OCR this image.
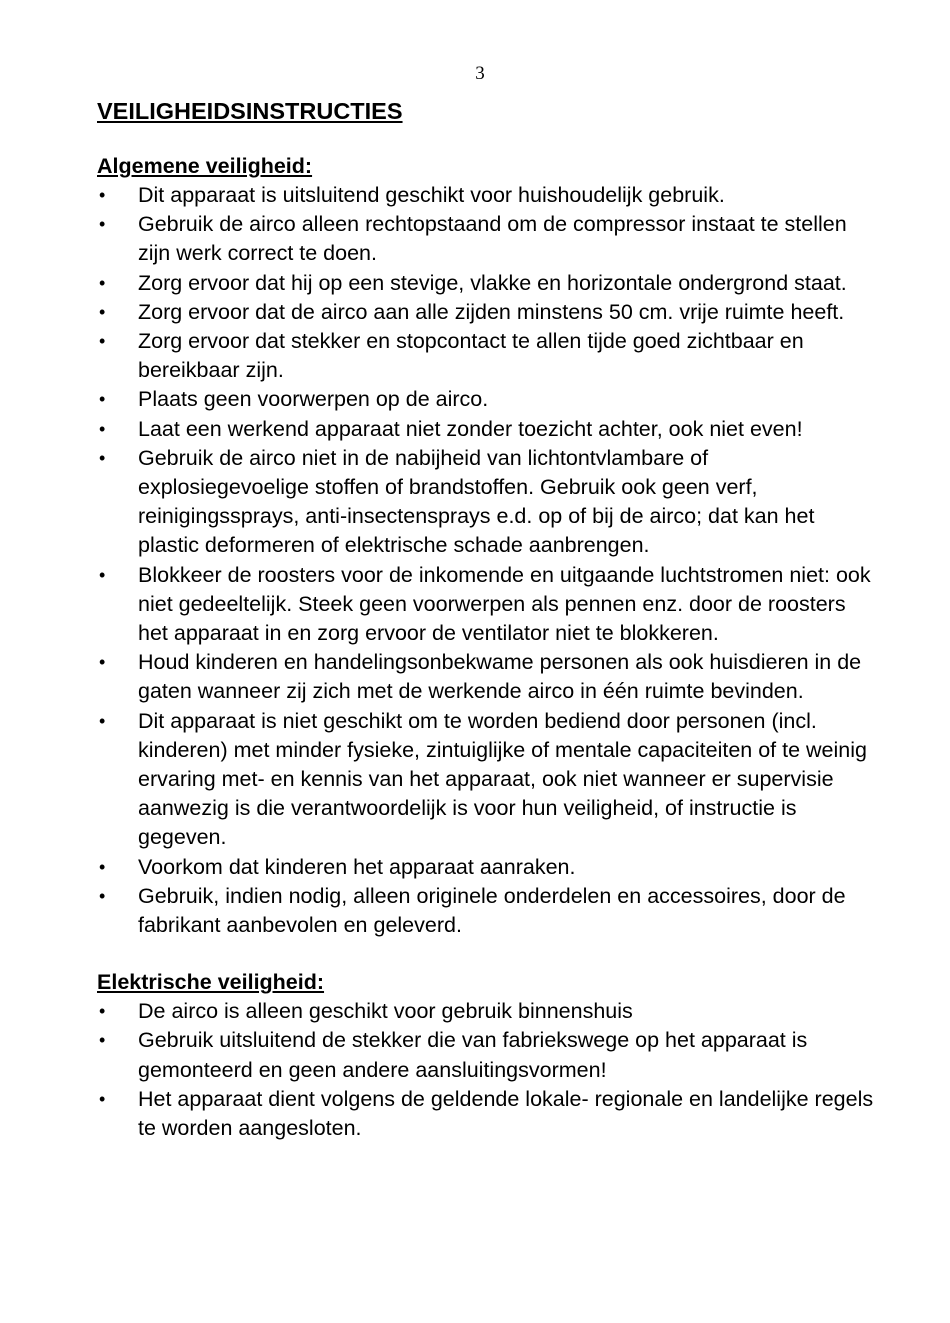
3
VEILIGHEIDSINSTRUCTIES
Algemene veiligheid:
• Dit apparaat is uitsluitend geschikt voor huishoudelijk gebruik.
• Gebruik de airco alleen rechtopstaand om de compressor instaat te stellen zijn werk correct te doen.
• Zorg ervoor dat hij op een stevige, vlakke en horizontale ondergrond staat.
• Zorg ervoor dat de airco aan alle zijden minstens 50 cm. vrije ruimte heeft.
• Zorg ervoor dat stekker en stopcontact te allen tijde goed zichtbaar en bereikbaar zijn.
• Plaats geen voorwerpen op de airco.
• Laat een werkend apparaat niet zonder toezicht achter, ook niet even!
• Gebruik de airco niet in de nabijheid van lichtontvlambare of explosiegevoelige stoffen of brandstoffen. Gebruik ook geen verf, reinigingssprays, anti-insectensprays e.d. op of bij de airco; dat kan het plastic deformeren of elektrische schade aanbrengen.
• Blokkeer de roosters voor de inkomende en uitgaande luchtstromen niet: ook niet gedeeltelijk. Steek geen voorwerpen als pennen enz. door de roosters het apparaat in en zorg ervoor de ventilator niet te blokkeren.
• Houd kinderen en handelingsonbekwame personen als ook huisdieren in de gaten wanneer zij zich met de werkende airco in één ruimte bevinden.
• Dit apparaat is niet geschikt om te worden bediend door personen (incl. kinderen) met minder fysieke, zintuiglijke of mentale capaciteiten of te weinig ervaring met- en kennis van het apparaat, ook niet wanneer er supervisie aanwezig is die verantwoordelijk is voor hun veiligheid, of instructie is gegeven.
• Voorkom dat kinderen het apparaat aanraken.
• Gebruik, indien nodig, alleen originele onderdelen en accessoires, door de fabrikant aanbevolen en geleverd.
Elektrische veiligheid:
• De airco is alleen geschikt voor gebruik binnenshuis
• Gebruik uitsluitend de stekker die van fabriekswege op het apparaat is gemonteerd en geen andere aansluitingsvormen!
• Het apparaat dient volgens de geldende lokale- regionale en landelijke regels te worden aangesloten.
